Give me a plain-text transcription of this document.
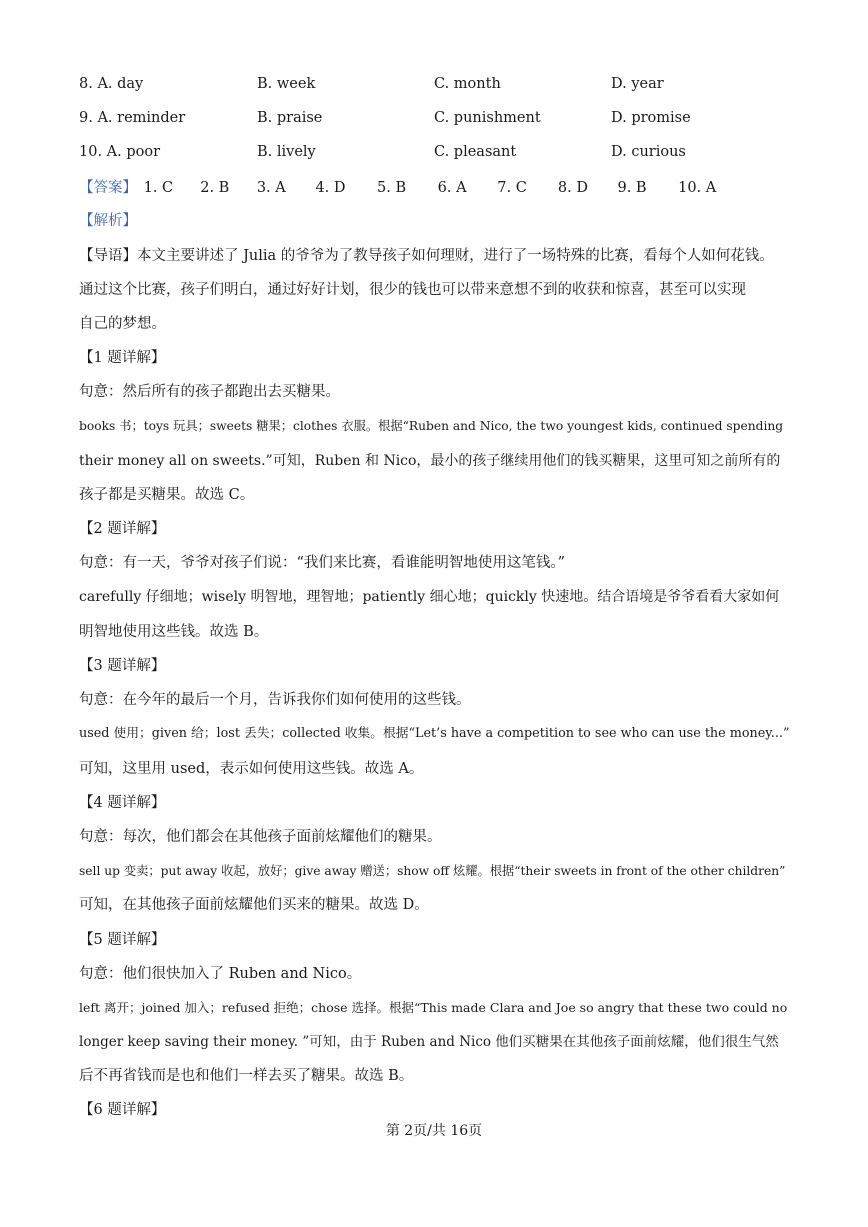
8. A. day	B. week	C. month	D. year
9. A. reminder	B. praise	C. punishment	D. promise
10. A. poor	B. lively	C. pleasant	D. curious
【答案】 1. C 2. B 3. A 4. D 5. B 6. A 7. C 8. D 9. B 10. A
【解析】
【导语】本文主要讲述了 Julia 的爷爷为了教导孩子如何理财，进行了一场特殊的比赛，看每个人如何花钱。
通过这个比赛，孩子们明白，通过好好计划，很少的钱也可以带来意想不到的收获和惊喜，甚至可以实现
自己的梦想。
【1 题详解】
句意：然后所有的孩子都跑出去买糖果。
books 书；toys 玩具；sweets 糖果；clothes 衣服。根据“Ruben and Nico, the two youngest kids, continued spending
their money all on sweets.”可知，Ruben 和 Nico，最小的孩子继续用他们的钱买糖果，这里可知之前所有的
孩子都是买糖果。故选 C。
【2 题详解】
句意：有一天，爷爷对孩子们说：“我们来比赛，看谁能明智地使用这笔钱。”
carefully 仔细地；wisely 明智地，理智地；patiently 细心地；quickly 快速地。结合语境是爷爷看看大家如何
明智地使用这些钱。故选 B。
【3 题详解】
句意：在今年的最后一个月，告诉我你们如何使用的这些钱。
used 使用；given 给；lost 丢失；collected 收集。根据“Let’s have a competition to see who can use the money...”
可知，这里用 used，表示如何使用这些钱。故选 A。
【4 题详解】
句意：每次，他们都会在其他孩子面前炫耀他们的糖果。
sell up 变卖；put away 收起，放好；give away 赠送；show off 炫耀。根据“their sweets in front of the other children”
可知，在其他孩子面前炫耀他们买来的糖果。故选 D。
【5 题详解】
句意：他们很快加入了 Ruben and Nico。
left 离开；joined 加入；refused 拒绝；chose 选择。根据“This made Clara and Joe so angry that these two could no
longer keep saving their money. ”可知，由于 Ruben and Nico 他们买糖果在其他孩子面前炫耀，他们很生气然
后不再省钱而是也和他们一样去买了糖果。故选 B。
【6 题详解】
第 2页/共 16页
